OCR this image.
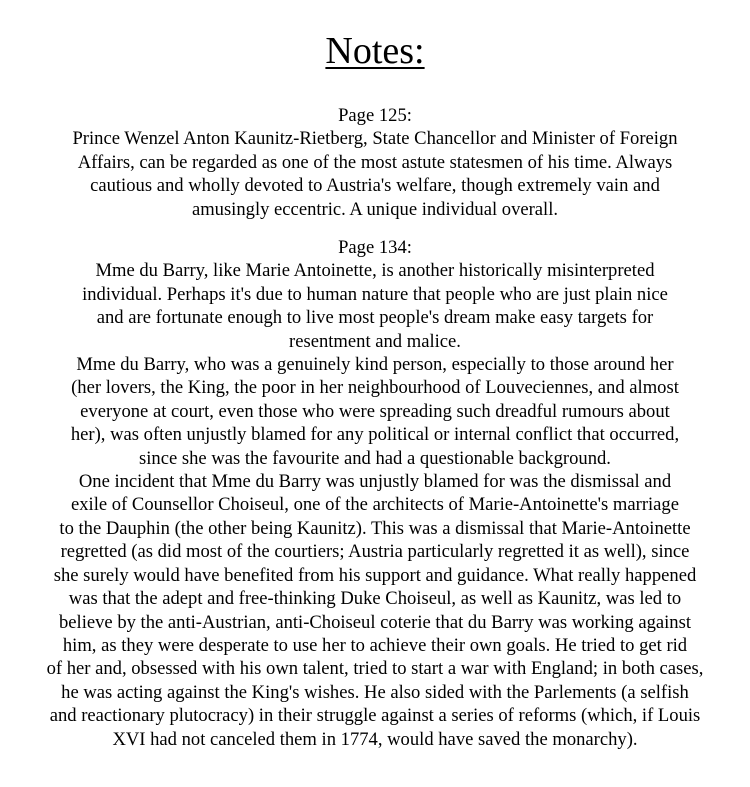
Notes:
Page 125:
Prince Wenzel Anton Kaunitz-Rietberg, State Chancellor and Minister of Foreign
Affairs, can be regarded as one of the most astute statesmen of his time. Always
cautious and wholly devoted to Austria's welfare, though extremely vain and
amusingly eccentric. A unique individual overall.
Page 134:
Mme du Barry, like Marie Antoinette, is another historically misinterpreted
individual. Perhaps it's due to human nature that people who are just plain nice
and are fortunate enough to live most people's dream make easy targets for
resentment and malice.
Mme du Barry, who was a genuinely kind person, especially to those around her
(her lovers, the King, the poor in her neighbourhood of Louveciennes, and almost
everyone at court, even those who were spreading such dreadful rumours about
her), was often unjustly blamed for any political or internal conflict that occurred,
since she was the favourite and had a questionable background.
One incident that Mme du Barry was unjustly blamed for was the dismissal and
exile of Counsellor Choiseul, one of the architects of Marie-Antoinette's marriage
to the Dauphin (the other being Kaunitz). This was a dismissal that Marie-Antoinette
regretted (as did most of the courtiers; Austria particularly regretted it as well), since
she surely would have benefited from his support and guidance. What really happened
was that the adept and free-thinking Duke Choiseul, as well as Kaunitz, was led to
believe by the anti-Austrian, anti-Choiseul coterie that du Barry was working against
him, as they were desperate to use her to achieve their own goals. He tried to get rid
of her and, obsessed with his own talent, tried to start a war with England; in both cases,
he was acting against the King's wishes. He also sided with the Parlements (a selfish
and reactionary plutocracy) in their struggle against a series of reforms (which, if Louis
XVI had not canceled them in 1774, would have saved the monarchy).
